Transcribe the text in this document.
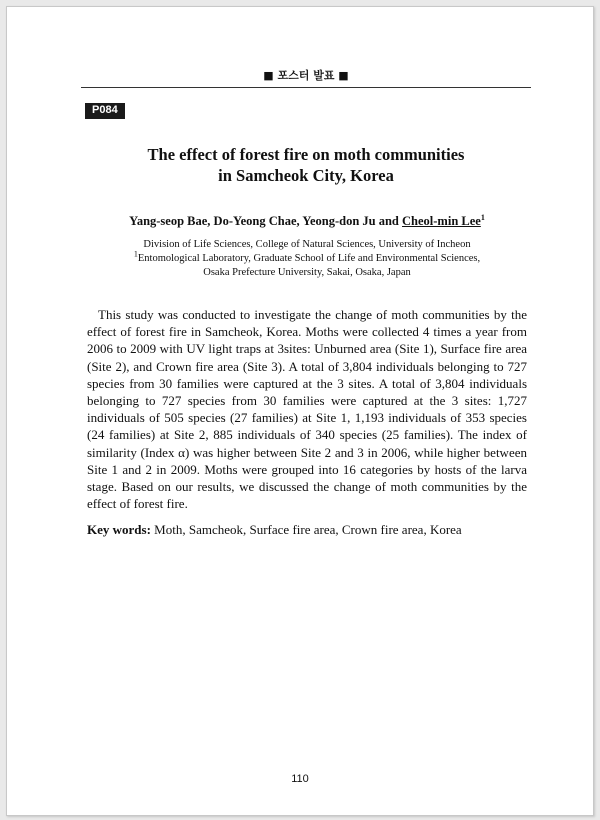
■ 포스터 발표 ■
P084
The effect of forest fire on moth communities
in Samcheok City, Korea
Yang-seop Bae, Do-Yeong Chae, Yeong-don Ju and Cheol-min Lee$^1$
Division of Life Sciences, College of Natural Sciences, University of Incheon
$^1$Entomological Laboratory, Graduate School of Life and Environmental Sciences,
Osaka Prefecture University, Sakai, Osaka, Japan
This study was conducted to investigate the change of moth communities by the effect of forest fire in Samcheok, Korea. Moths were collected 4 times a year from 2006 to 2009 with UV light traps at 3sites: Unburned area (Site 1), Surface fire area (Site 2), and Crown fire area (Site 3). A total of 3,804 individuals belonging to 727 species from 30 families were captured at the 3 sites. A total of 3,804 individuals belonging to 727 species from 30 families were captured at the 3 sites: 1,727 individuals of 505 species (27 families) at Site 1, 1,193 individuals of 353 species (24 families) at Site 2, 885 individuals of 340 species (25 families). The index of similarity (Index α) was higher between Site 2 and 3 in 2006, while higher between Site 1 and 2 in 2009. Moths were grouped into 16 categories by hosts of the larva stage. Based on our results, we discussed the change of moth communities by the effect of forest fire.
Key words: Moth, Samcheok, Surface fire area, Crown fire area, Korea
110
